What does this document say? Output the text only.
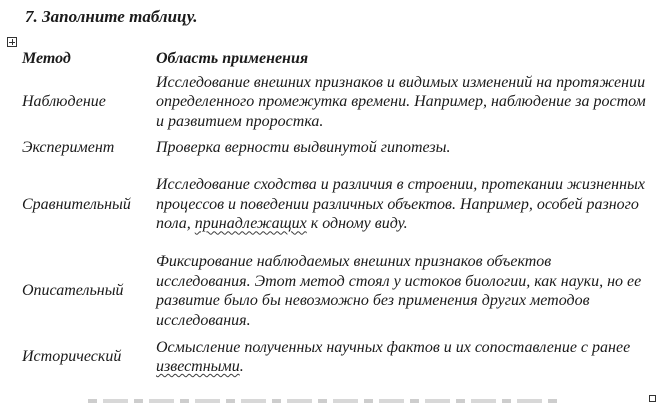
7. Заполните таблицу.
Метод	Область применения
Наблюдение	Исследование внешних признаков и видимых изменений на протяжении определенного промежутка времени. Например, наблюдение за ростом и развитием проростка.
Эксперимент	Проверка верности выдвинутой гипотезы.
Сравнительный	Исследование сходства и различия в строении, протекании жизненных процессов и поведении различных объектов. Например, особей разного пола, принадлежащих к одному виду.
Описательный	Фиксирование наблюдаемых внешних признаков объектов исследования. Этот метод стоял у истоков биологии, как науки, но ее развитие было бы невозможно без применения других методов исследования.
Исторический	Осмысление полученных научных фактов и их сопоставление с ранее известными.
